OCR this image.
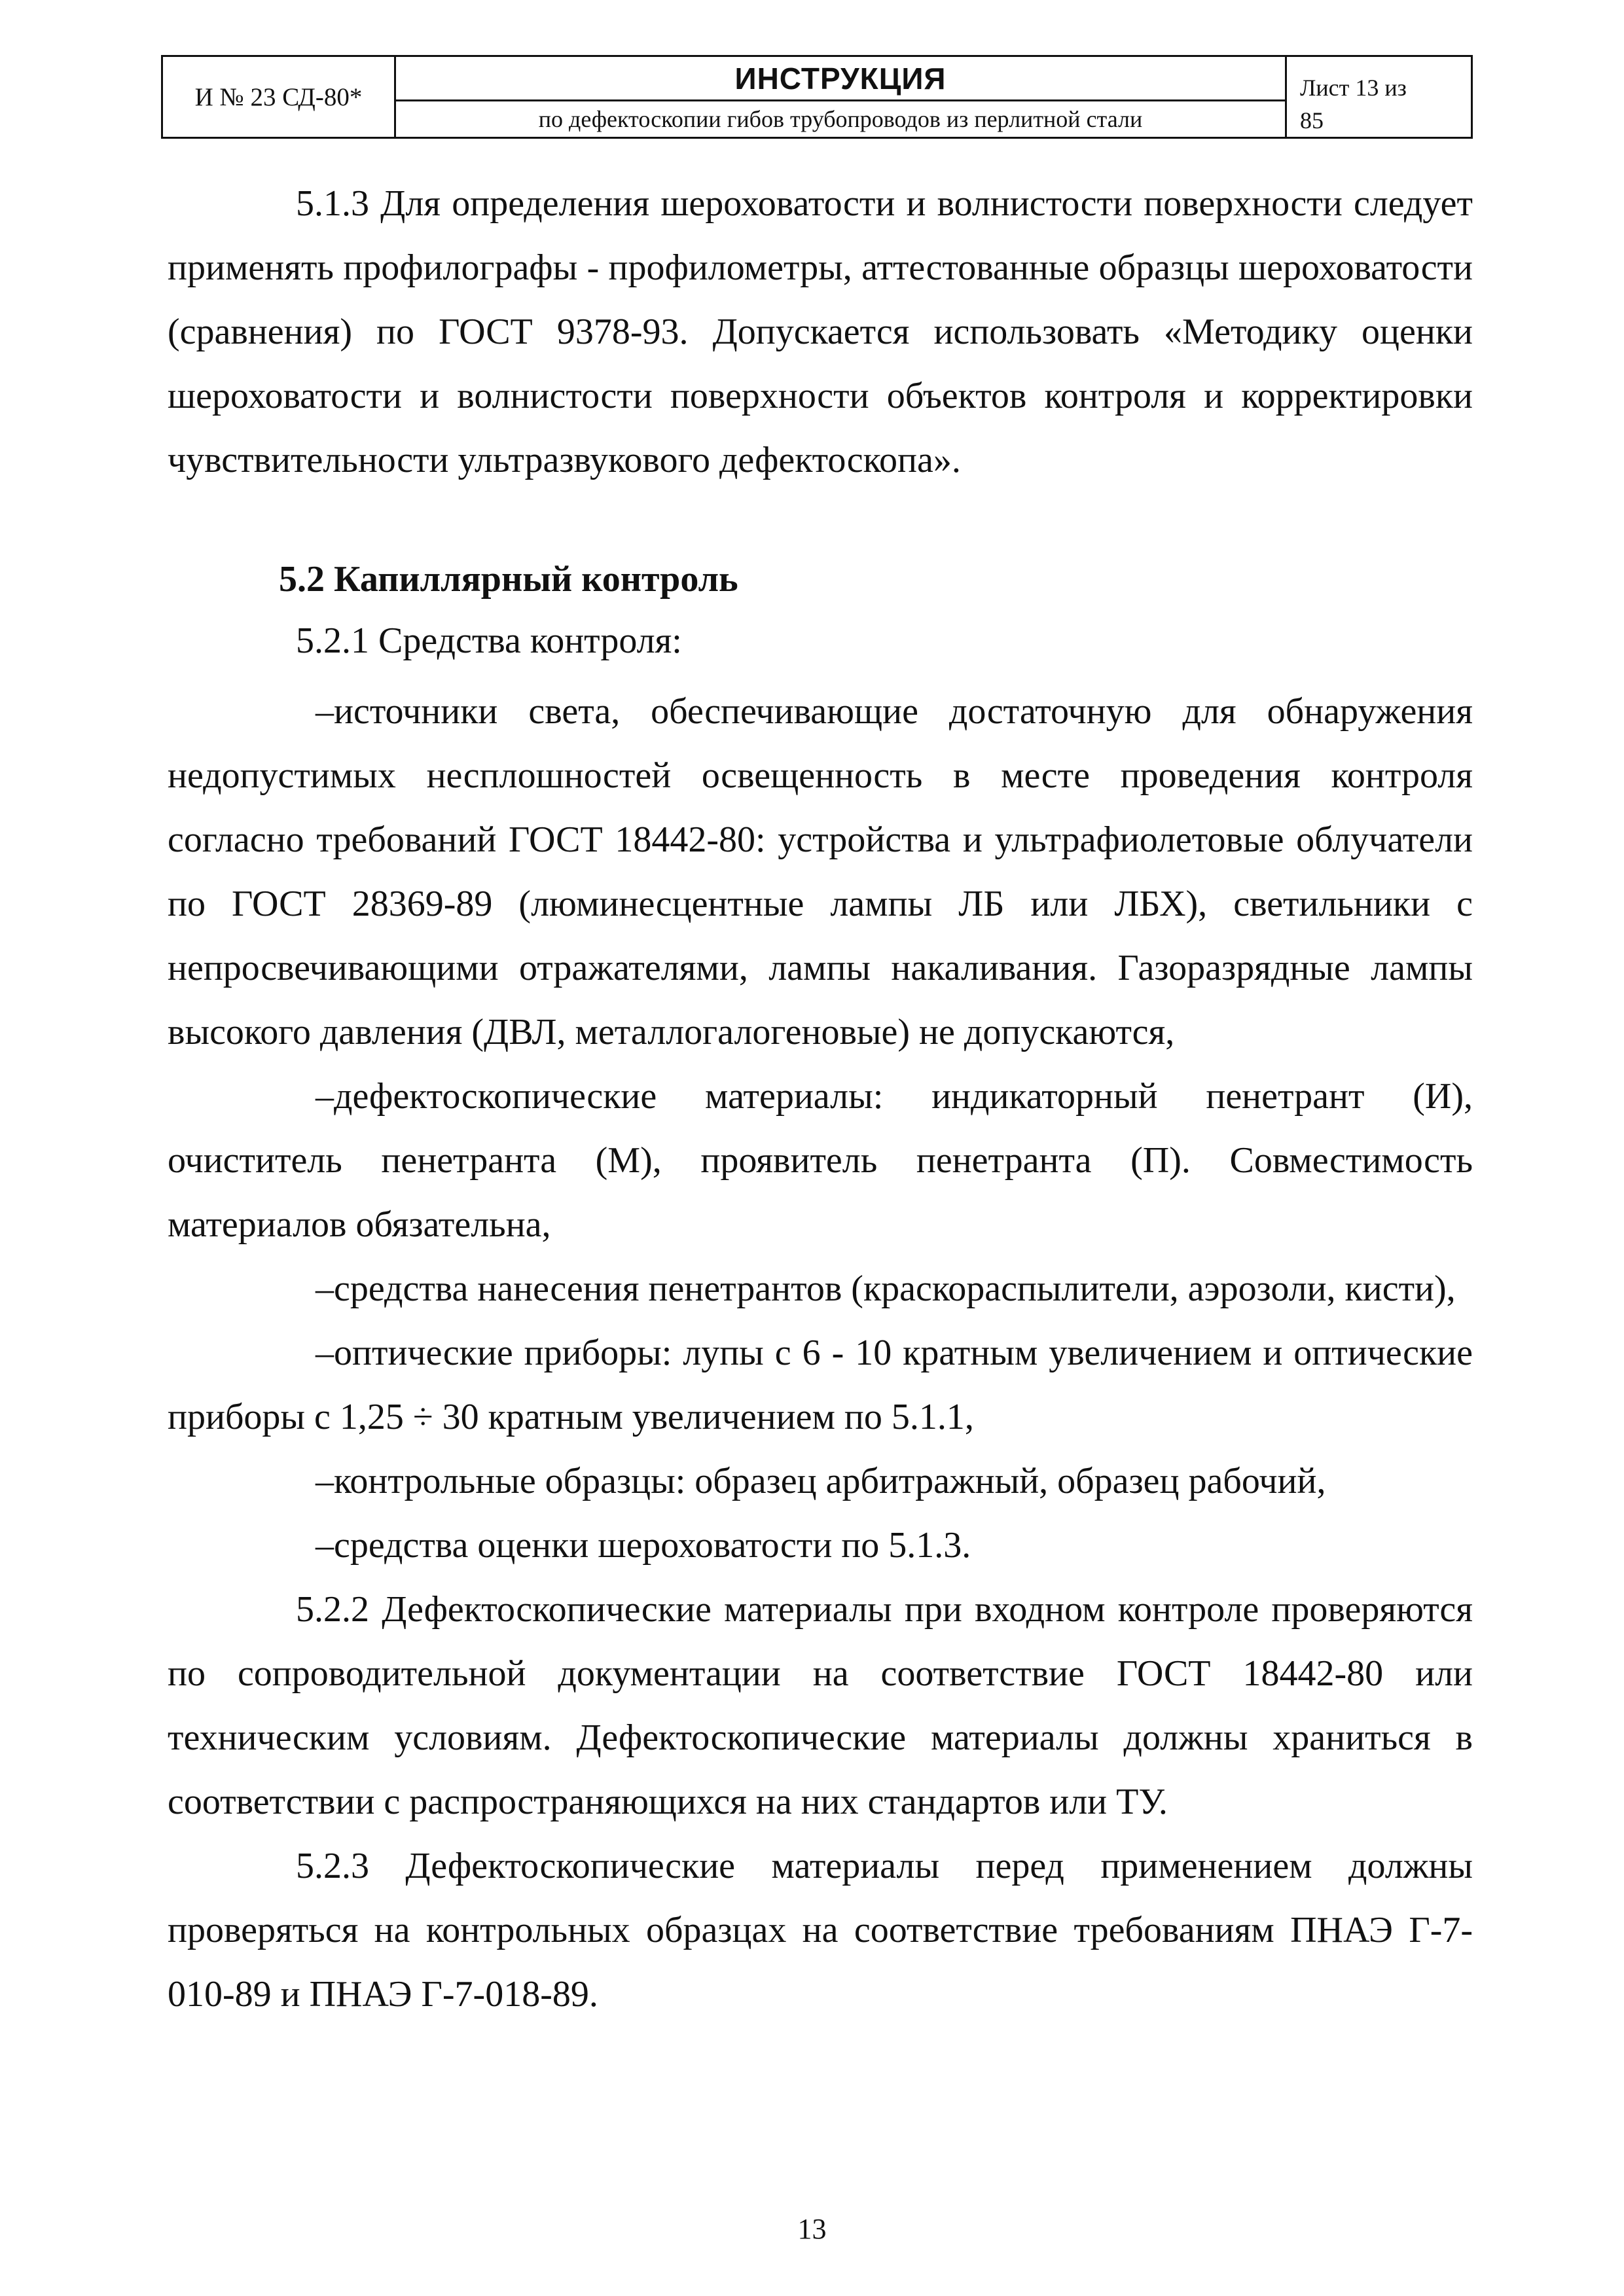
И № 23 СД-80*
ИНСТРУКЦИЯ
по дефектоскопии гибов трубопроводов из перлитной стали
Лист 13 из
85

5.1.3 Для определения шероховатости и волнистости поверхности следует применять профилографы - профилометры, аттестованные образцы шероховатости (сравнения) по ГОСТ 9378-93. Допускается использовать «Методику оценки шероховатости и волнистости поверхности объектов контроля и корректировки чувствительности ультразвукового дефектоскопа».

5.2 Капиллярный контроль

5.2.1 Средства контроля:

–источники света, обеспечивающие достаточную для обнаружения недопустимых несплошностей освещенность в месте проведения контроля согласно требований ГОСТ 18442-80: устройства и ультрафиолетовые облучатели по ГОСТ 28369-89 (люминесцентные лампы ЛБ или ЛБХ), светильники с непросвечивающими отражателями, лампы накаливания. Газоразрядные лампы высокого давления (ДВЛ, металлогалогеновые) не допускаются,

–дефектоскопические материалы: индикаторный пенетрант (И), очиститель пенетранта (М), проявитель пенетранта (П). Совместимость материалов обязательна,

–средства нанесения пенетрантов (краскораспылители, аэрозоли, кисти),

–оптические приборы: лупы с 6 - 10 кратным увеличением и оптические приборы с 1,25 ÷ 30 кратным увеличением по 5.1.1,

–контрольные образцы: образец арбитражный, образец рабочий,

–средства оценки шероховатости по 5.1.3.

5.2.2 Дефектоскопические материалы при входном контроле проверяются по сопроводительной документации на соответствие ГОСТ 18442-80 или техническим условиям. Дефектоскопические материалы должны храниться в соответствии с распространяющихся на них стандартов или ТУ.

5.2.3 Дефектоскопические материалы перед применением должны проверяться на контрольных образцах на соответствие требованиям ПНАЭ Г-7-010-89 и ПНАЭ Г-7-018-89.

13
